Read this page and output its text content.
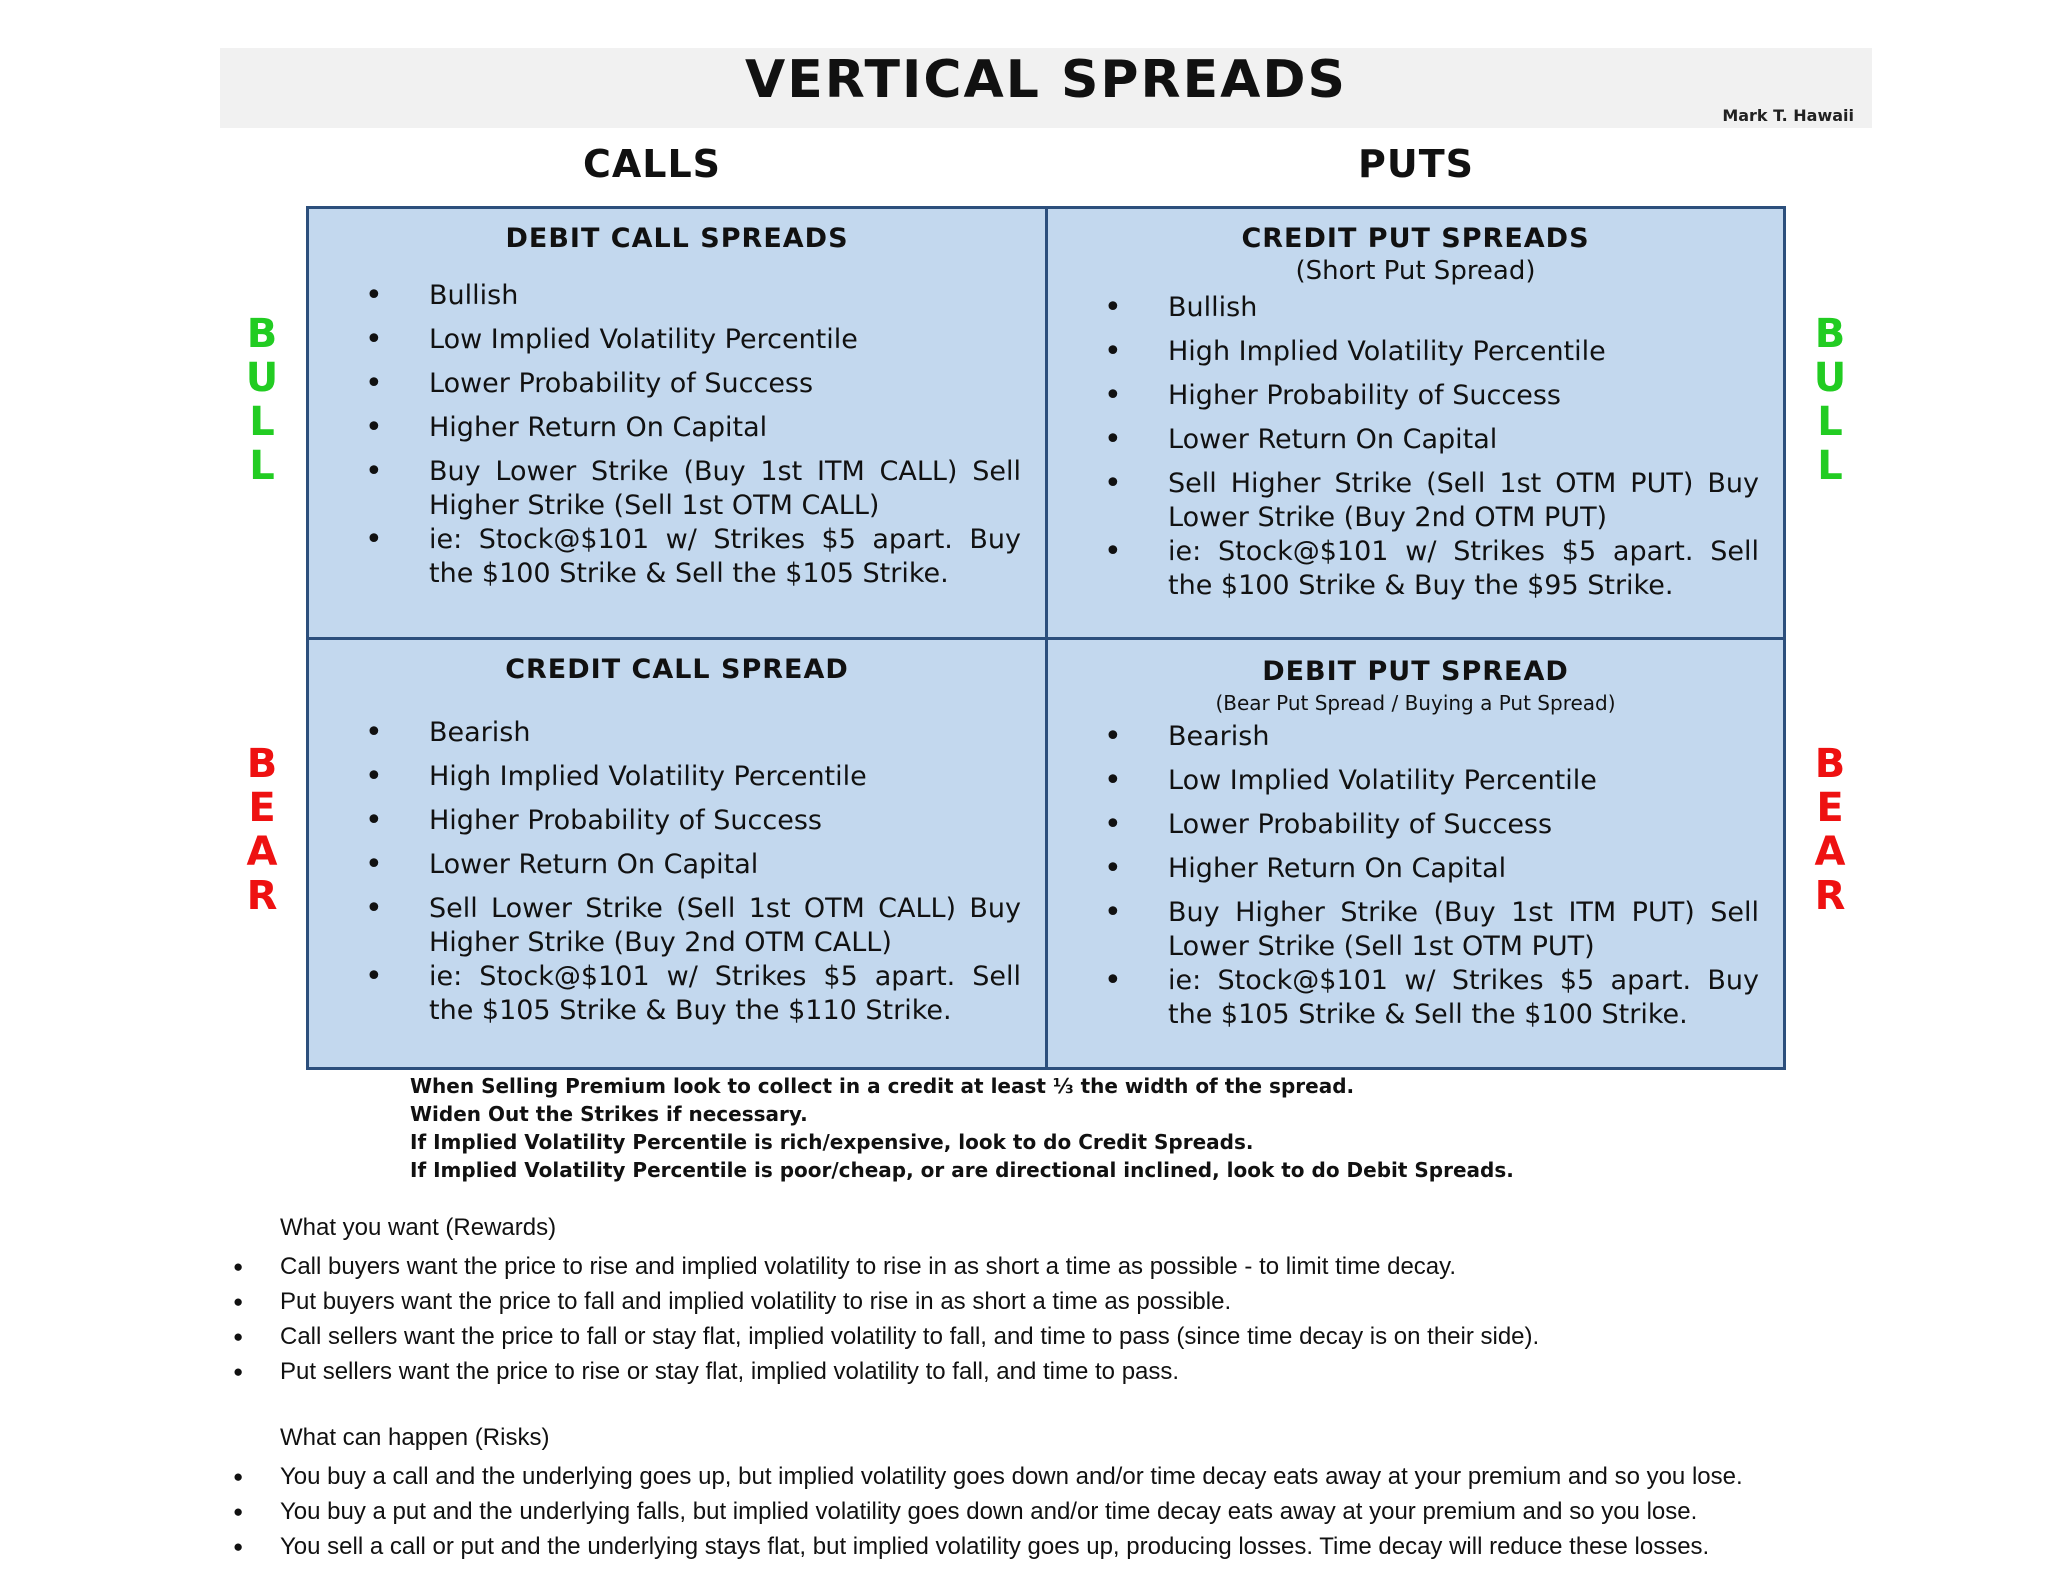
VERTICAL SPREADS
Mark T. Hawaii
CALLS	PUTS
B
U
L
L
B
U
L
L
B
E
A
R
B
E
A
R
DEBIT CALL SPREADS
• Bullish
• Low Implied Volatility Percentile
• Lower Probability of Success
• Higher Return On Capital
• Buy Lower Strike (Buy 1st ITM CALL) Sell Higher Strike (Sell 1st OTM CALL)
• ie: Stock@$101 w/ Strikes $5 apart. Buy the $100 Strike & Sell the $105 Strike.
CREDIT PUT SPREADS
(Short Put Spread)
• Bullish
• High Implied Volatility Percentile
• Higher Probability of Success
• Lower Return On Capital
• Sell Higher Strike (Sell 1st OTM PUT) Buy Lower Strike (Buy 2nd OTM PUT)
• ie: Stock@$101 w/ Strikes $5 apart. Sell the $100 Strike & Buy the $95 Strike.
CREDIT CALL SPREAD
• Bearish
• High Implied Volatility Percentile
• Higher Probability of Success
• Lower Return On Capital
• Sell Lower Strike (Sell 1st OTM CALL) Buy Higher Strike (Buy 2nd OTM CALL)
• ie: Stock@$101 w/ Strikes $5 apart. Sell the $105 Strike & Buy the $110 Strike.
DEBIT PUT SPREAD
(Bear Put Spread / Buying a Put Spread)
• Bearish
• Low Implied Volatility Percentile
• Lower Probability of Success
• Higher Return On Capital
• Buy Higher Strike (Buy 1st ITM PUT) Sell Lower Strike (Sell 1st OTM PUT)
• ie: Stock@$101 w/ Strikes $5 apart. Buy the $105 Strike & Sell the $100 Strike.
When Selling Premium look to collect in a credit at least ⅓ the width of the spread.
Widen Out the Strikes if necessary.
If Implied Volatility Percentile is rich/expensive, look to do Credit Spreads.
If Implied Volatility Percentile is poor/cheap, or are directional inclined, look to do Debit Spreads.
What you want (Rewards)
● Call buyers want the price to rise and implied volatility to rise in as short a time as possible - to limit time decay.
● Put buyers want the price to fall and implied volatility to rise in as short a time as possible.
● Call sellers want the price to fall or stay flat, implied volatility to fall, and time to pass (since time decay is on their side).
● Put sellers want the price to rise or stay flat, implied volatility to fall, and time to pass.
What can happen (Risks)
● You buy a call and the underlying goes up, but implied volatility goes down and/or time decay eats away at your premium and so you lose.
● You buy a put and the underlying falls, but implied volatility goes down and/or time decay eats away at your premium and so you lose.
● You sell a call or put and the underlying stays flat, but implied volatility goes up, producing losses. Time decay will reduce these losses.
